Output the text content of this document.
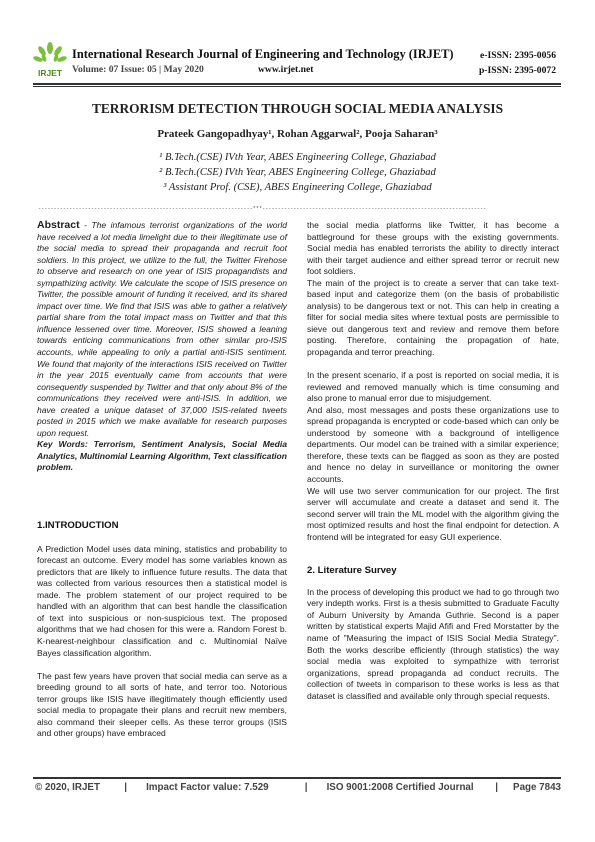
IRJET
International Research Journal of Engineering and Technology (IRJET)
Volume: 07 Issue: 05 | May 2020	www.irjet.net
e-ISSN: 2395-0056
p-ISSN: 2395-0072
TERRORISM DETECTION THROUGH SOCIAL MEDIA ANALYSIS
Prateek Gangopadhyay¹, Rohan Aggarwal², Pooja Saharan³
¹ B.Tech.(CSE) IVth Year, ABES Engineering College, Ghaziabad
² B.Tech.(CSE) IVth Year, ABES Engineering College, Ghaziabad
³ Assistant Prof. (CSE), ABES Engineering College, Ghaziabad
---------------------------------------------------------------------***------------------------------------------------------------------------

Abstract - The infamous terrorist organizations of the world have received a lot media limelight due to their illegitimate use of the social media to spread their propaganda and recruit foot soldiers. In this project, we utilize to the full, the Twitter Firehose to observe and research on one year of ISIS propagandists and sympathizing activity. We calculate the scope of ISIS presence on Twitter, the possible amount of funding it received, and its shared impact over time. We find that ISIS was able to gather a relatively partial share from the total impact mass on Twitter and that this influence lessened over time. Moreover, ISIS showed a leaning towards enticing communications from other similar pro-ISIS accounts, while appealing to only a partial anti-ISIS sentiment. We found that majority of the interactions ISIS received on Twitter in the year 2015 eventually came from accounts that were consequently suspended by Twitter and that only about 8% of the communications they received were anti-ISIS. In addition, we have created a unique dataset of 37,000 ISIS-related tweets posted in 2015 which we make available for research purposes upon request.

Key Words: Terrorism, Sentiment Analysis, Social Media Analytics, Multinomial Learning Algorithm, Text classification problem.

1.INTRODUCTION

A Prediction Model uses data mining, statistics and probability to forecast an outcome. Every model has some variables known as predictors that are likely to influence future results. The data that was collected from various resources then a statistical model is made. The problem statement of our project required to be handled with an algorithm that can best handle the classification of text into suspicious or non-suspicious text. The proposed algorithms that we had chosen for this were a. Random Forest b. K-nearest-neighbour classification and c. Multinomial Naïve Bayes classification algorithm.

The past few years have proven that social media can serve as a breeding ground to all sorts of hate, and terror too. Notorious terror groups like ISIS have illegitimately though efficiently used social media to propagate their plans and recruit new members, also command their sleeper cells. As these terror groups (ISIS and other groups) have embraced

the social media platforms like Twitter, it has become a battleground for these groups with the existing governments. Social media has enabled terrorists the ability to directly interact with their target audience and either spread terror or recruit new foot soldiers.

The main of the project is to create a server that can take text-based input and categorize them (on the basis of probabilistic analysis) to be dangerous text or not. This can help in creating a filter for social media sites where textual posts are permissible to sieve out dangerous text and review and remove them before posting. Therefore, containing the propagation of hate, propaganda and terror preaching.

In the present scenario, if a post is reported on social media, it is reviewed and removed manually which is time consuming and also prone to manual error due to misjudgement.

And also, most messages and posts these organizations use to spread propaganda is encrypted or code-based which can only be understood by someone with a background of intelligence departments. Our model can be trained with a similar experience; therefore, these texts can be flagged as soon as they are posted and hence no delay in surveillance or monitoring the owner accounts.

We will use two server communication for our project. The first server will accumulate and create a dataset and send it. The second server will train the ML model with the algorithm giving the most optimized results and host the final endpoint for detection. A frontend will be integrated for easy GUI experience.

2. Literature Survey

In the process of developing this product we had to go through two very indepth works. First is a thesis submitted to Graduate Faculty of Auburn University by Amanda Guthrie. Second is a paper written by statistical experts Majid Afifi and Fred Morstatter by the name of "Measuring the impact of ISIS Social Media Strategy". Both the works describe efficiently (through statistics) the way social media was exploited to sympathize with terrorist organizations, spread propaganda ad conduct recruits. The collection of tweets in comparison to these works is less as that dataset is classified and available only through special requests.

© 2020, IRJET	|	Impact Factor value: 7.529	|	ISO 9001:2008 Certified Journal	|	Page 7843
